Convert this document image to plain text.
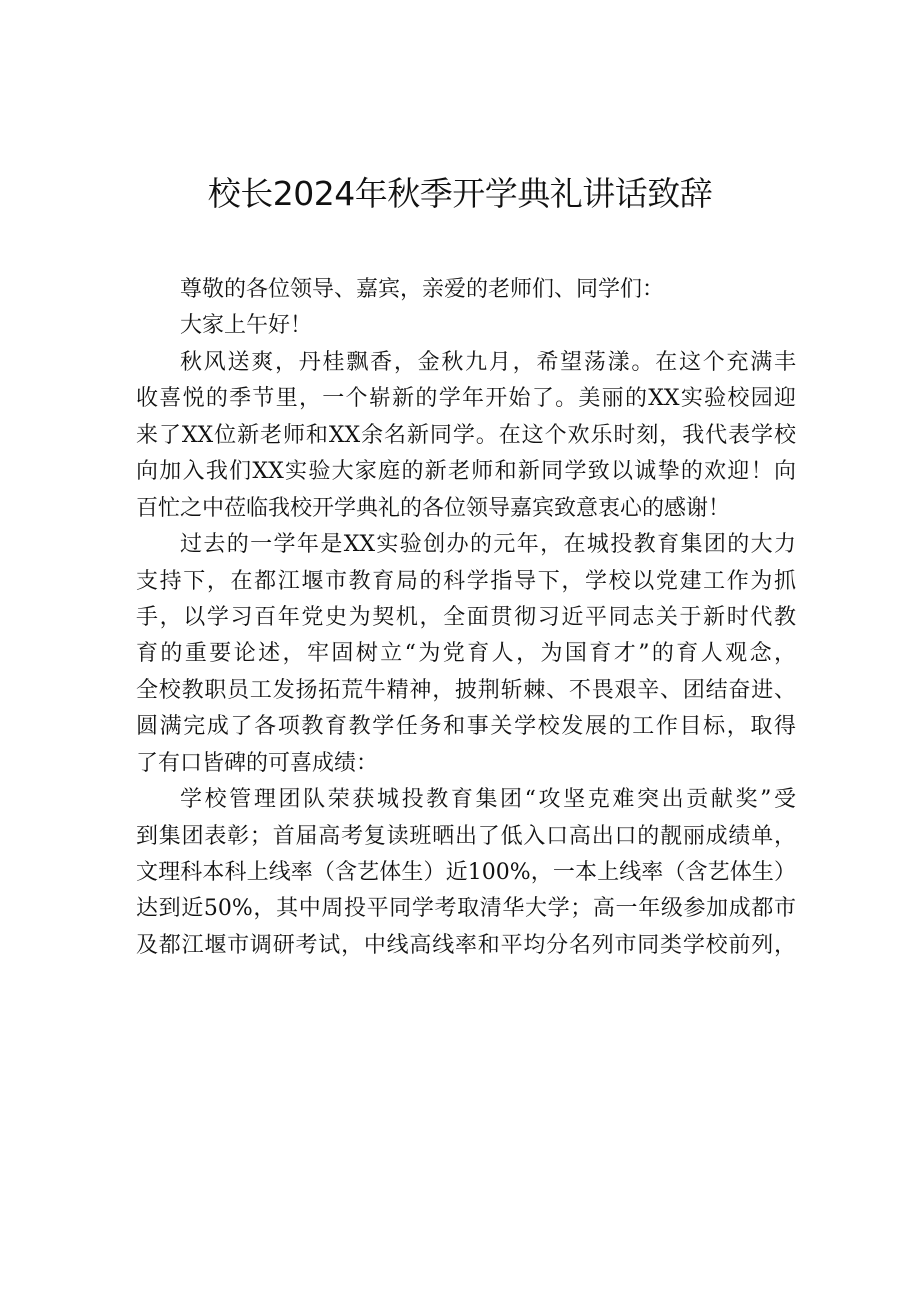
校长2024年秋季开学典礼讲话致辞
尊敬的各位领导、嘉宾，亲爱的老师们、同学们：
大家上午好！
秋风送爽，丹桂飘香，金秋九月，希望荡漾。在这个充满丰
收喜悦的季节里，一个崭新的学年开始了。美丽的XX实验校园迎
来了XX位新老师和XX余名新同学。在这个欢乐时刻，我代表学校
向加入我们XX实验大家庭的新老师和新同学致以诚挚的欢迎！向
百忙之中莅临我校开学典礼的各位领导嘉宾致意衷心的感谢！
过去的一学年是XX实验创办的元年，在城投教育集团的大力
支持下，在都江堰市教育局的科学指导下，学校以党建工作为抓
手，以学习百年党史为契机，全面贯彻习近平同志关于新时代教
育的重要论述，牢固树立“为党育人，为国育才”的育人观念，
全校教职员工发扬拓荒牛精神，披荆斩棘、不畏艰辛、团结奋进、
圆满完成了各项教育教学任务和事关学校发展的工作目标，取得
了有口皆碑的可喜成绩：
学校管理团队荣获城投教育集团“攻坚克难突出贡献奖”受
到集团表彰；首届高考复读班晒出了低入口高出口的靓丽成绩单，
文理科本科上线率（含艺体生）近100%，一本上线率（含艺体生）
达到近50%，其中周投平同学考取清华大学；高一年级参加成都市
及都江堰市调研考试，中线高线率和平均分名列市同类学校前列，
